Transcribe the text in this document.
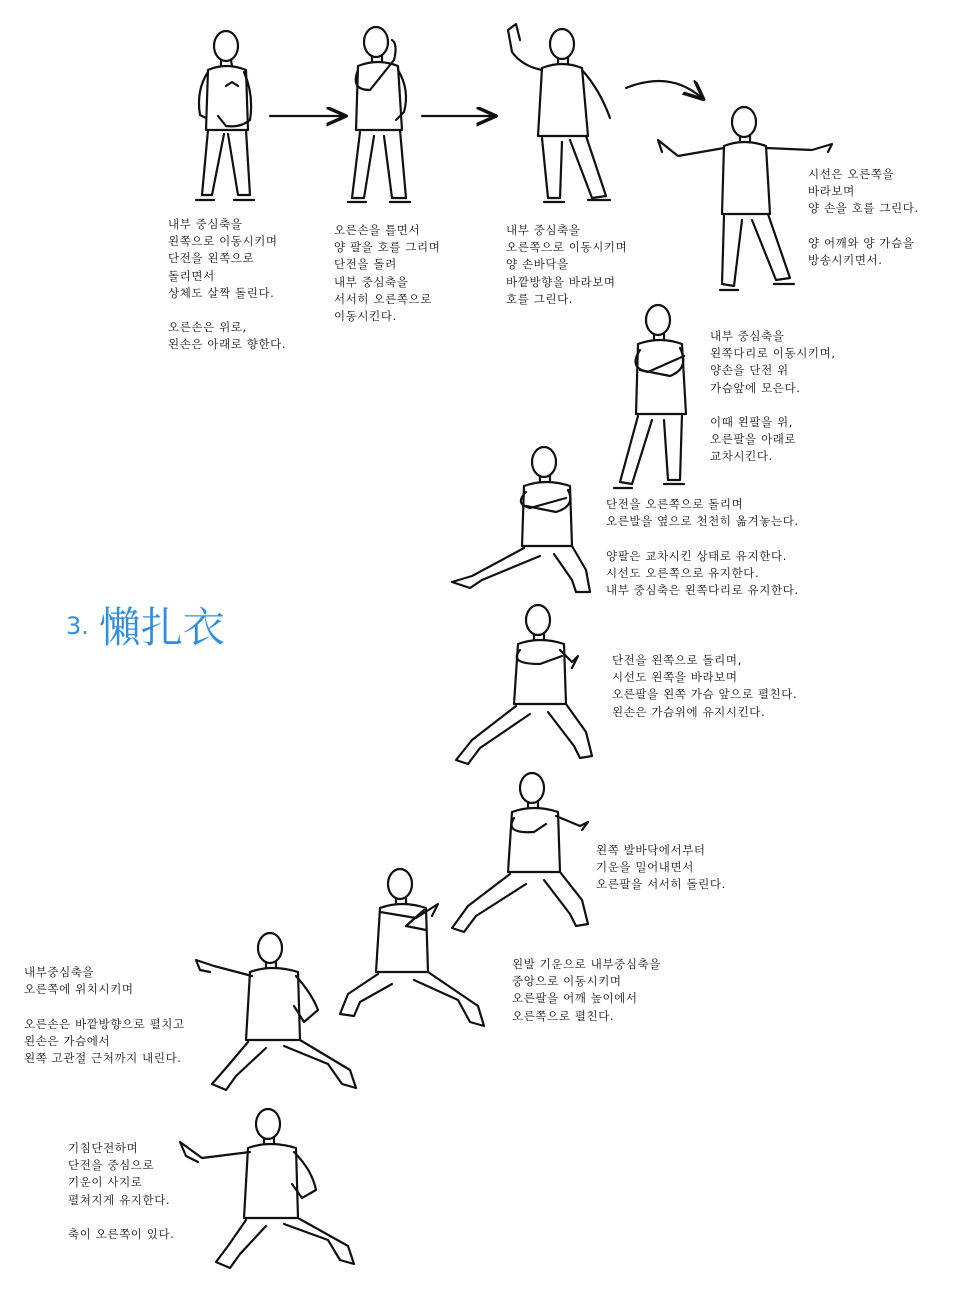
3. 懶扎衣
내부 중심축을
왼쪽으로 이동시키며
단전을 왼쪽으로
돌리면서
상체도 살짝 돌린다.
오른손은 위로,
왼손은 아래로 향한다.
오른손을 틀면서
양 팔을 호를 그리며
단전을 돌려
내부 중심축을
서서히 오른쪽으로
이동시킨다.
내부 중심축을
오른쪽으로 이동시키며
양 손바닥을
바깥방향을 바라보며
호를 그린다.
시선은 오른쪽을
바라보며
양 손을 호를 그린다.
양 어깨와 양 가슴을
방송시키면서.
내부 중심축을
왼쪽다리로 이동시키며,
양손을 단전 위
가슴앞에 모은다.
이때 왼팔을 위,
오른팔을 아래로
교차시킨다.
단전을 오른쪽으로 돌리며
오른발을 옆으로 천천히 옮겨놓는다.
양팔은 교차시킨 상태로 유지한다.
시선도 오른쪽으로 유지한다.
내부 중심축은 왼쪽다리로 유지한다.
단전을 왼쪽으로 돌리며,
시선도 왼쪽을 바라보며
오른팔을 왼쪽 가슴 앞으로 펼친다.
왼손은 가슴위에 유지시킨다.
왼쪽 발바닥에서부터
기운을 밀어내면서
오른팔을 서서히 돌린다.
왼발 기운으로 내부중심축을
중앙으로 이동시키며
오른팔을 어깨 높이에서
오른쪽으로 펼친다.
내부중심축을
오른쪽에 위치시키며
오른손은 바깥방향으로 펼치고
왼손은 가슴에서
왼쪽 고관절 근처까지 내린다.
기침단전하며
단전을 중심으로
기운이 사지로
펼쳐지게 유지한다.
축이 오른쪽이 있다.
